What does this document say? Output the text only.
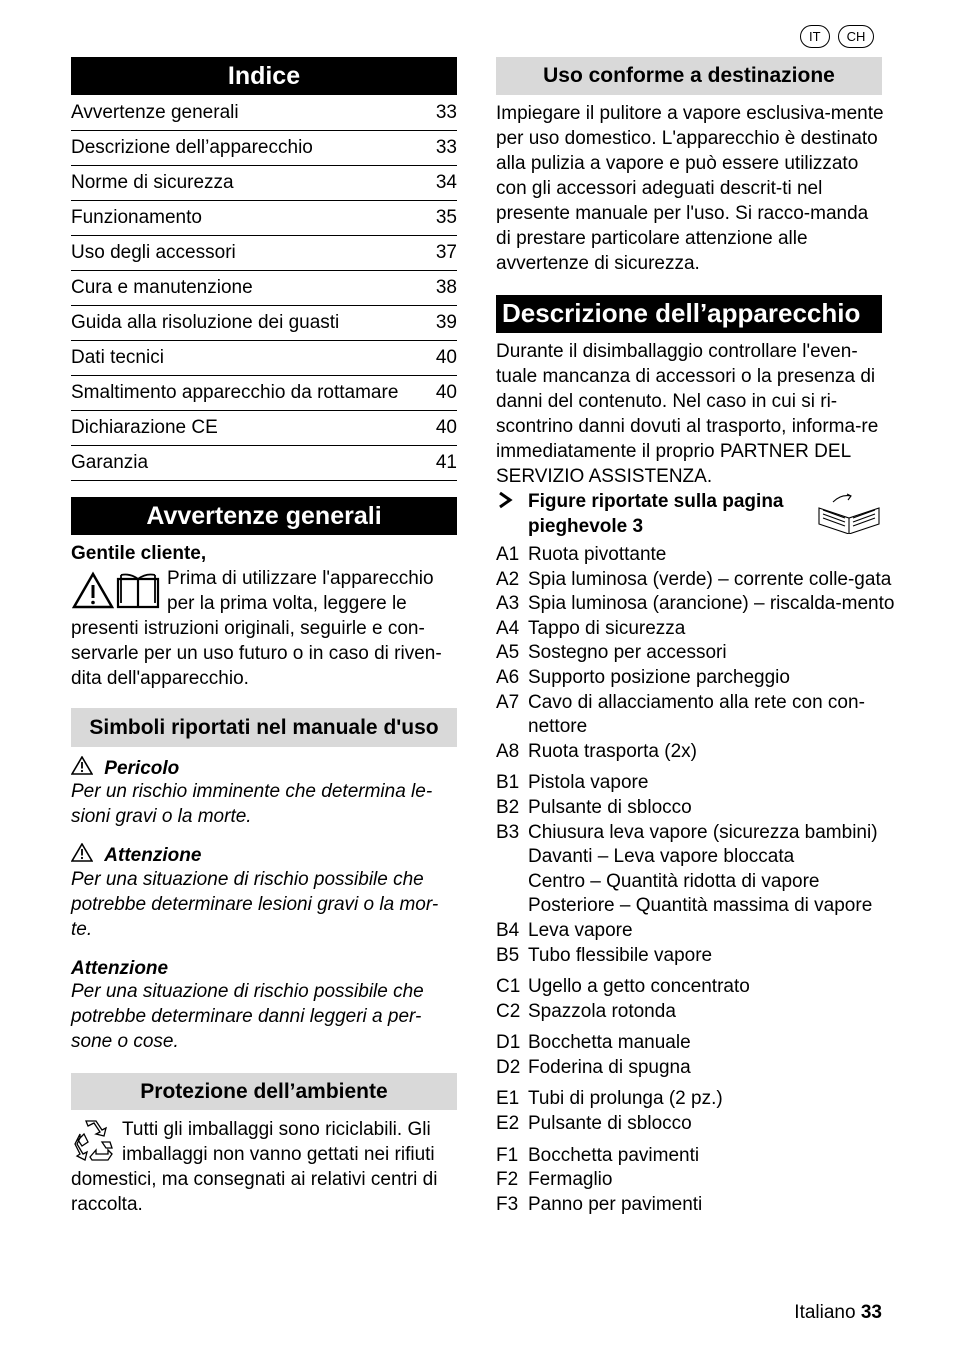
IT	CH
Indice
Avvertenze generali	33
Descrizione dell’apparecchio	33
Norme di sicurezza	34
Funzionamento	35
Uso degli accessori	37
Cura e manutenzione	38
Guida alla risoluzione dei guasti	39
Dati tecnici	40
Smaltimento apparecchio da rottamare	40
Dichiarazione CE	40
Garanzia	41
Avvertenze generali
Gentile cliente,
Prima di utilizzare l'apparecchio
per la prima volta, leggere le
presenti istruzioni originali, seguirle e con-servarle per un uso futuro o in caso di riven-dita dell'apparecchio.
Simboli riportati nel manuale d'uso
Pericolo
Per un rischio imminente che determina le-sioni gravi o la morte.
Attenzione
Per una situazione di rischio possibile che potrebbe determinare lesioni gravi o la mor-te.
Attenzione
Per una situazione di rischio possibile che potrebbe determinare danni leggeri a per-sone o cose.
Protezione dell’ambiente
Tutti gli imballaggi sono riciclabili. Gli
imballaggi non vanno gettati nei rifiuti
domestici, ma consegnati ai relativi centri di raccolta.
Uso conforme a destinazione
Impiegare il pulitore a vapore esclusiva-mente per uso domestico. L'apparecchio è destinato alla pulizia a vapore e può essere utilizzato con gli accessori adeguati descrit-ti nel presente manuale per l'uso. Si racco-manda di prestare particolare attenzione alle avvertenze di sicurezza.
Descrizione dell’apparecchio
Durante il disimballaggio controllare l'even-tuale mancanza di accessori o la presenza di danni del contenuto. Nel caso in cui si ri-scontrino danni dovuti al trasporto, informa-re immediatamente il proprio PARTNER DEL SERVIZIO ASSISTENZA.
Figure riportate sulla pagina pieghevole 3
A1 Ruota pivottante
A2 Spia luminosa (verde) – corrente colle-gata
A3 Spia luminosa (arancione) – riscalda-mento
A4 Tappo di sicurezza
A5 Sostegno per accessori
A6 Supporto posizione parcheggio
A7 Cavo di allacciamento alla rete con con-nettore
A8 Ruota trasporta (2x)
B1 Pistola vapore
B2 Pulsante di sblocco
B3 Chiusura leva vapore (sicurezza bambini)
Davanti – Leva vapore bloccata
Centro – Quantità ridotta di vapore
Posteriore – Quantità massima di vapore
B4 Leva vapore
B5 Tubo flessibile vapore
C1 Ugello a getto concentrato
C2 Spazzola rotonda
D1 Bocchetta manuale
D2 Foderina di spugna
E1 Tubi di prolunga (2 pz.)
E2 Pulsante di sblocco
F1 Bocchetta pavimenti
F2 Fermaglio
F3 Panno per pavimenti
Italiano 33
